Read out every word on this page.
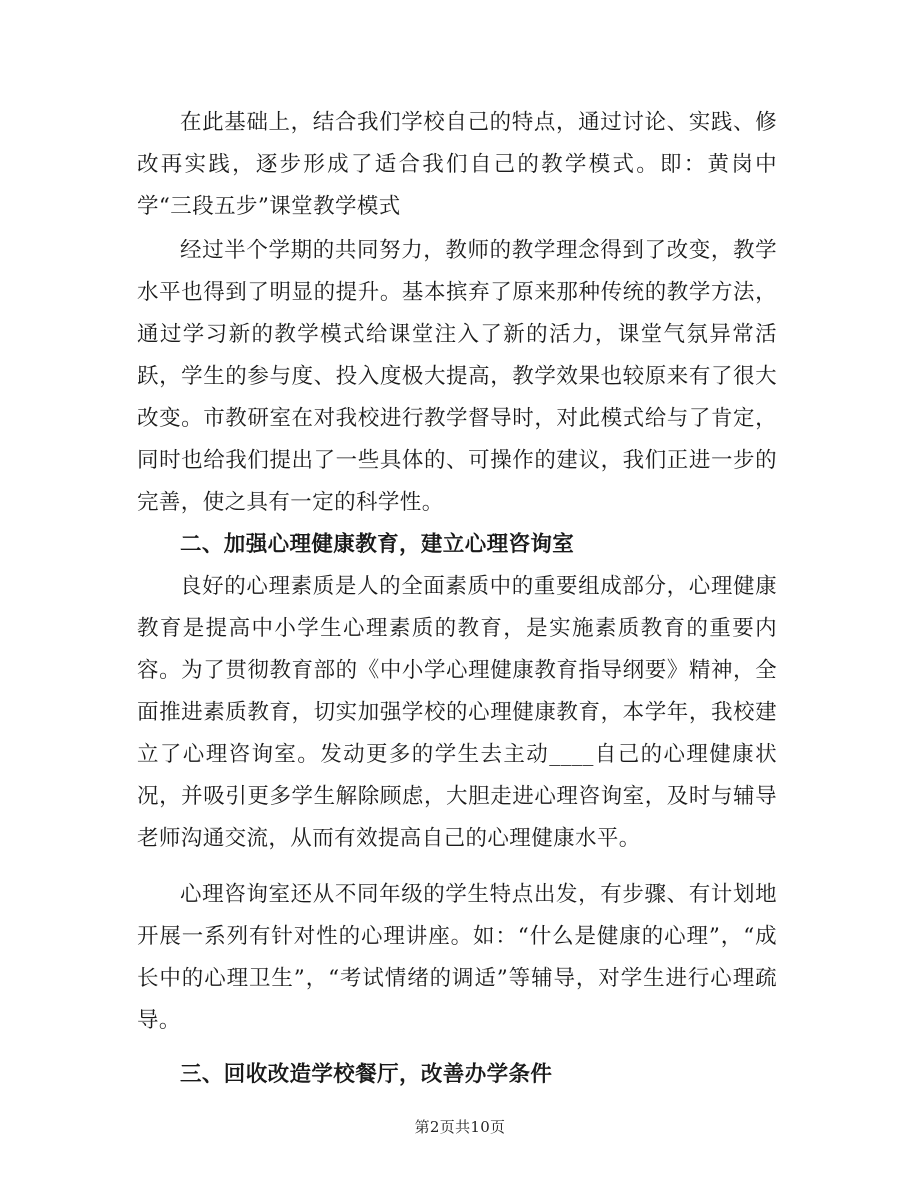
在此基础上，结合我们学校自己的特点，通过讨论、实践、修改再实践，逐步形成了适合我们自己的教学模式。即：黄岗中学“三段五步”课堂教学模式

经过半个学期的共同努力，教师的教学理念得到了改变，教学水平也得到了明显的提升。基本摈弃了原来那种传统的教学方法，通过学习新的教学模式给课堂注入了新的活力，课堂气氛异常活跃，学生的参与度、投入度极大提高，教学效果也较原来有了很大改变。市教研室在对我校进行教学督导时，对此模式给与了肯定，同时也给我们提出了一些具体的、可操作的建议，我们正进一步的完善，使之具有一定的科学性。

二、加强心理健康教育，建立心理咨询室

良好的心理素质是人的全面素质中的重要组成部分，心理健康教育是提高中小学生心理素质的教育，是实施素质教育的重要内容。为了贯彻教育部的《中小学心理健康教育指导纲要》精神，全面推进素质教育，切实加强学校的心理健康教育，本学年，我校建立了心理咨询室。发动更多的学生去主动____自己的心理健康状况，并吸引更多学生解除顾虑，大胆走进心理咨询室，及时与辅导老师沟通交流，从而有效提高自己的心理健康水平。

心理咨询室还从不同年级的学生特点出发，有步骤、有计划地开展一系列有针对性的心理讲座。如：“什么是健康的心理”，“成长中的心理卫生”，“考试情绪的调适”等辅导，对学生进行心理疏导。

三、回收改造学校餐厅，改善办学条件

第2页共10页
